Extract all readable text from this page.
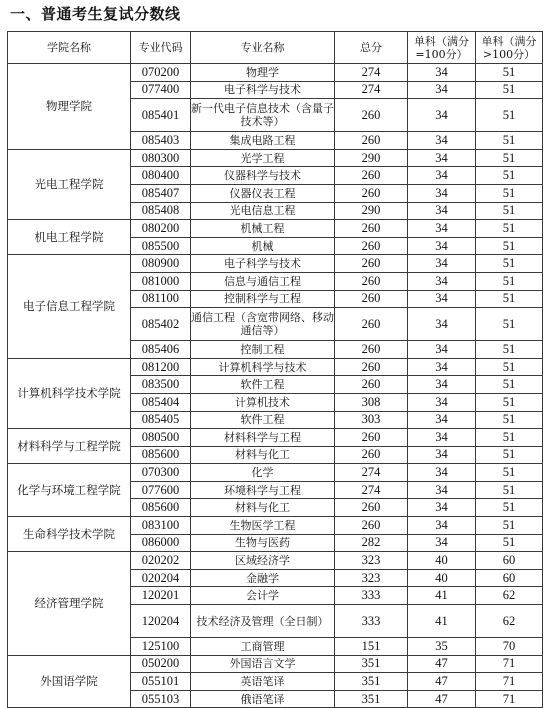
一、普通考生复试分数线
学院名称	专业代码	专业名称	总分	单科（满分=100分）	单科（满分>100分）
物理学院	070200	物理学	274	34	51
	077400	电子科学与技术	274	34	51
	085401	新一代电子信息技术（含量子技术等）	260	34	51
	085403	集成电路工程	260	34	51
光电工程学院	080300	光学工程	290	34	51
	080400	仪器科学与技术	260	34	51
	085407	仪器仪表工程	260	34	51
	085408	光电信息工程	290	34	51
机电工程学院	080200	机械工程	260	34	51
	085500	机械	260	34	51
电子信息工程学院	080900	电子科学与技术	260	34	51
	081000	信息与通信工程	260	34	51
	081100	控制科学与工程	260	34	51
	085402	通信工程（含宽带网络、移动通信等）	260	34	51
	085406	控制工程	260	34	51
计算机科学技术学院	081200	计算机科学与技术	260	34	51
	083500	软件工程	260	34	51
	085404	计算机技术	308	34	51
	085405	软件工程	303	34	51
材料科学与工程学院	080500	材料科学与工程	260	34	51
	085600	材料与化工	260	34	51
化学与环境工程学院	070300	化学	274	34	51
	077600	环境科学与工程	274	34	51
	085600	材料与化工	260	34	51
生命科学技术学院	083100	生物医学工程	260	34	51
	086000	生物与医药	282	34	51
经济管理学院	020202	区域经济学	323	40	60
	020204	金融学	323	40	60
	120201	会计学	333	41	62
	120204	技术经济及管理（全日制）	333	41	62
	125100	工商管理	151	35	70
外国语学院	050200	外国语言文学	351	47	71
	055101	英语笔译	351	47	71
	055103	俄语笔译	351	47	71
